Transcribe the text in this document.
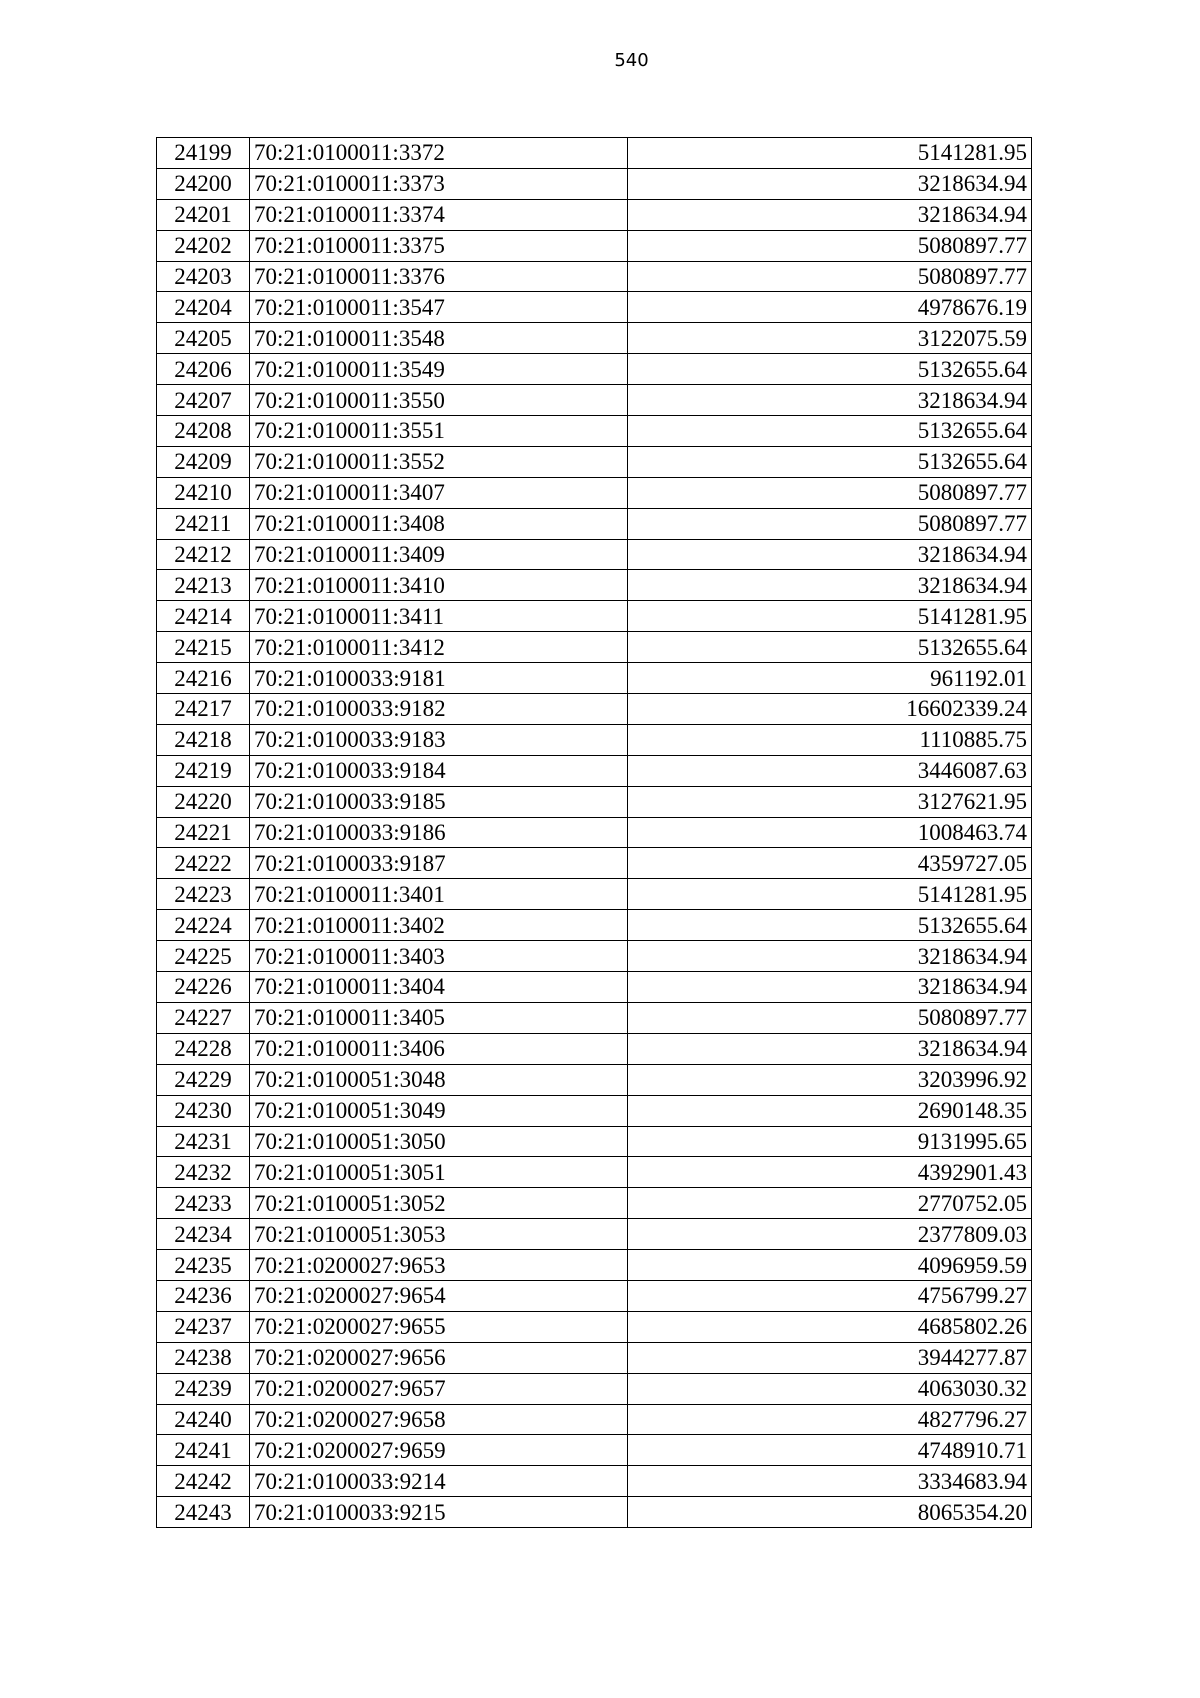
540
24199	70:21:0100011:3372	5141281.95
24200	70:21:0100011:3373	3218634.94
24201	70:21:0100011:3374	3218634.94
24202	70:21:0100011:3375	5080897.77
24203	70:21:0100011:3376	5080897.77
24204	70:21:0100011:3547	4978676.19
24205	70:21:0100011:3548	3122075.59
24206	70:21:0100011:3549	5132655.64
24207	70:21:0100011:3550	3218634.94
24208	70:21:0100011:3551	5132655.64
24209	70:21:0100011:3552	5132655.64
24210	70:21:0100011:3407	5080897.77
24211	70:21:0100011:3408	5080897.77
24212	70:21:0100011:3409	3218634.94
24213	70:21:0100011:3410	3218634.94
24214	70:21:0100011:3411	5141281.95
24215	70:21:0100011:3412	5132655.64
24216	70:21:0100033:9181	961192.01
24217	70:21:0100033:9182	16602339.24
24218	70:21:0100033:9183	1110885.75
24219	70:21:0100033:9184	3446087.63
24220	70:21:0100033:9185	3127621.95
24221	70:21:0100033:9186	1008463.74
24222	70:21:0100033:9187	4359727.05
24223	70:21:0100011:3401	5141281.95
24224	70:21:0100011:3402	5132655.64
24225	70:21:0100011:3403	3218634.94
24226	70:21:0100011:3404	3218634.94
24227	70:21:0100011:3405	5080897.77
24228	70:21:0100011:3406	3218634.94
24229	70:21:0100051:3048	3203996.92
24230	70:21:0100051:3049	2690148.35
24231	70:21:0100051:3050	9131995.65
24232	70:21:0100051:3051	4392901.43
24233	70:21:0100051:3052	2770752.05
24234	70:21:0100051:3053	2377809.03
24235	70:21:0200027:9653	4096959.59
24236	70:21:0200027:9654	4756799.27
24237	70:21:0200027:9655	4685802.26
24238	70:21:0200027:9656	3944277.87
24239	70:21:0200027:9657	4063030.32
24240	70:21:0200027:9658	4827796.27
24241	70:21:0200027:9659	4748910.71
24242	70:21:0100033:9214	3334683.94
24243	70:21:0100033:9215	8065354.20
